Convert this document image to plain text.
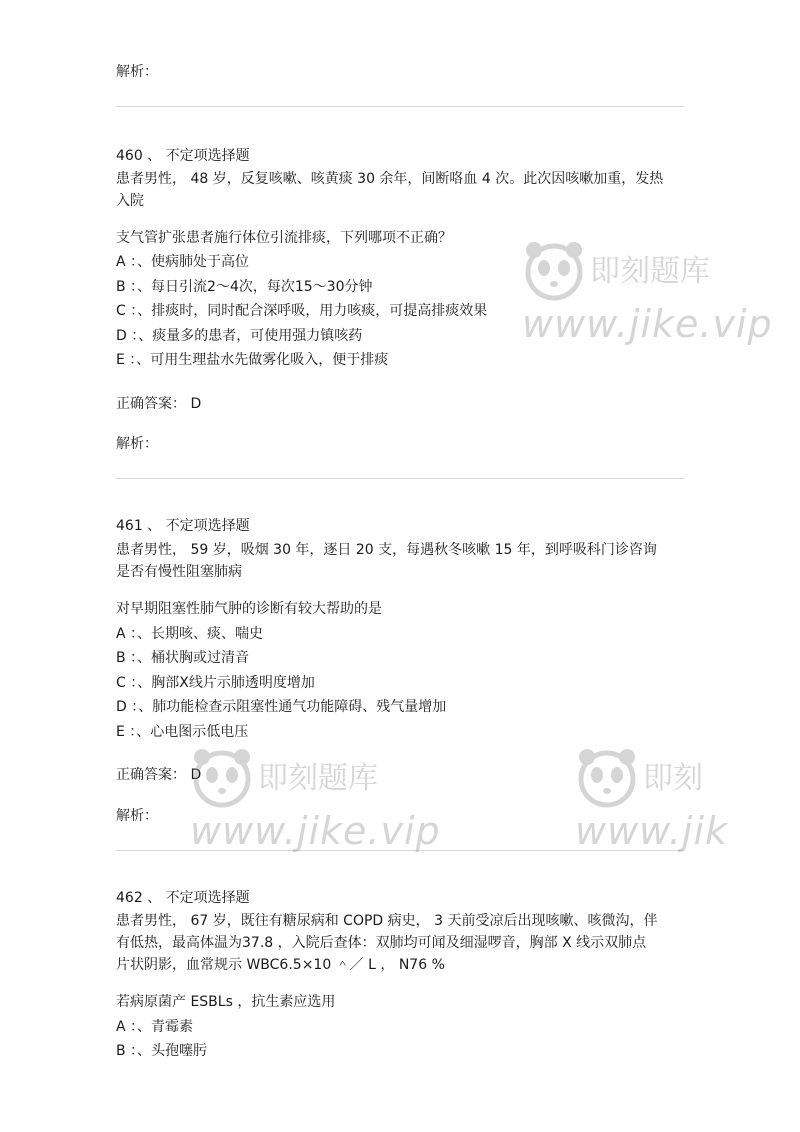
解析：
460 、 不定项选择题
患者男性， 48 岁，反复咳嗽、咳黄痰 30 余年，间断咯血 4 次。此次因咳嗽加重，发热
入院
支气管扩张患者施行体位引流排痰，下列哪项不正确？
A ：、使病肺处于高位
B ：、每日引流2～4次，每次15～30分钟
C ：、排痰时，同时配合深呼吸，用力咳痰，可提高排痰效果
D ：、痰量多的患者，可使用强力镇咳药
E ：、可用生理盐水先做雾化吸入，便于排痰
正确答案： D
解析：
461 、 不定项选择题
患者男性， 59 岁，吸烟 30 年，逐日 20 支，每遇秋冬咳嗽 15 年，到呼吸科门诊咨询
是否有慢性阻塞肺病
对早期阻塞性肺气肿的诊断有较大帮助的是
A ：、长期咳、痰、喘史
B ：、桶状胸或过清音
C ：、胸部X线片示肺透明度增加
D ：、肺功能检查示阻塞性通气功能障碍、残气量增加
E ：、心电图示低电压
正确答案： D
解析：
462 、 不定项选择题
患者男性， 67 岁，既往有糖尿病和 COPD 病史， 3 天前受凉后出现咳嗽、咳微沟，伴
有低热，最高体温为37.8 ，入院后查体：双肺均可闻及细湿啰音，胸部 X 线示双肺点
片状阴影，血常规示 WBC6.5×10 ＾／ L ， N76 %
若病原菌产 ESBLs ，抗生素应选用
A ：、青霉素
B ：、头孢噻肟
即刻题库
www.jike.vip
即刻题库
www.jike.vip
即刻
www.jik
